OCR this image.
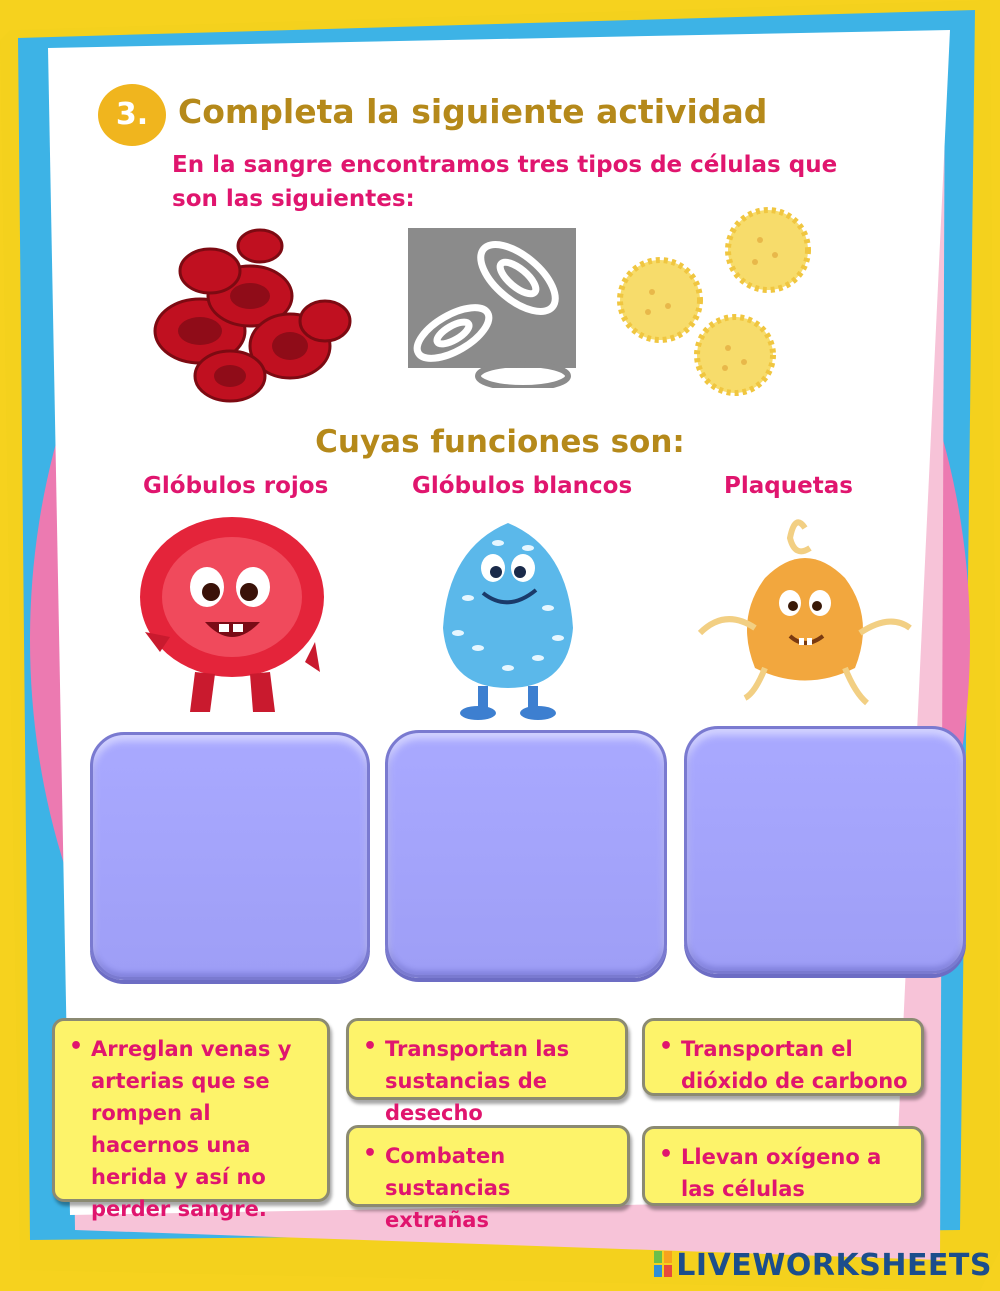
3. Completa la siguiente actividad
En la sangre encontramos tres tipos de células que son las siguientes:
Cuyas funciones son:
Glóbulos rojos	Glóbulos blancos	Plaquetas
• Arreglan venas y arterias que se rompen al hacernos una herida y así no perder sangre.
• Transportan las sustancias de desecho
• Transportan el dióxido de carbono
• Combaten sustancias extrañas
• Llevan oxígeno a las células
LIVEWORKSHEETS
